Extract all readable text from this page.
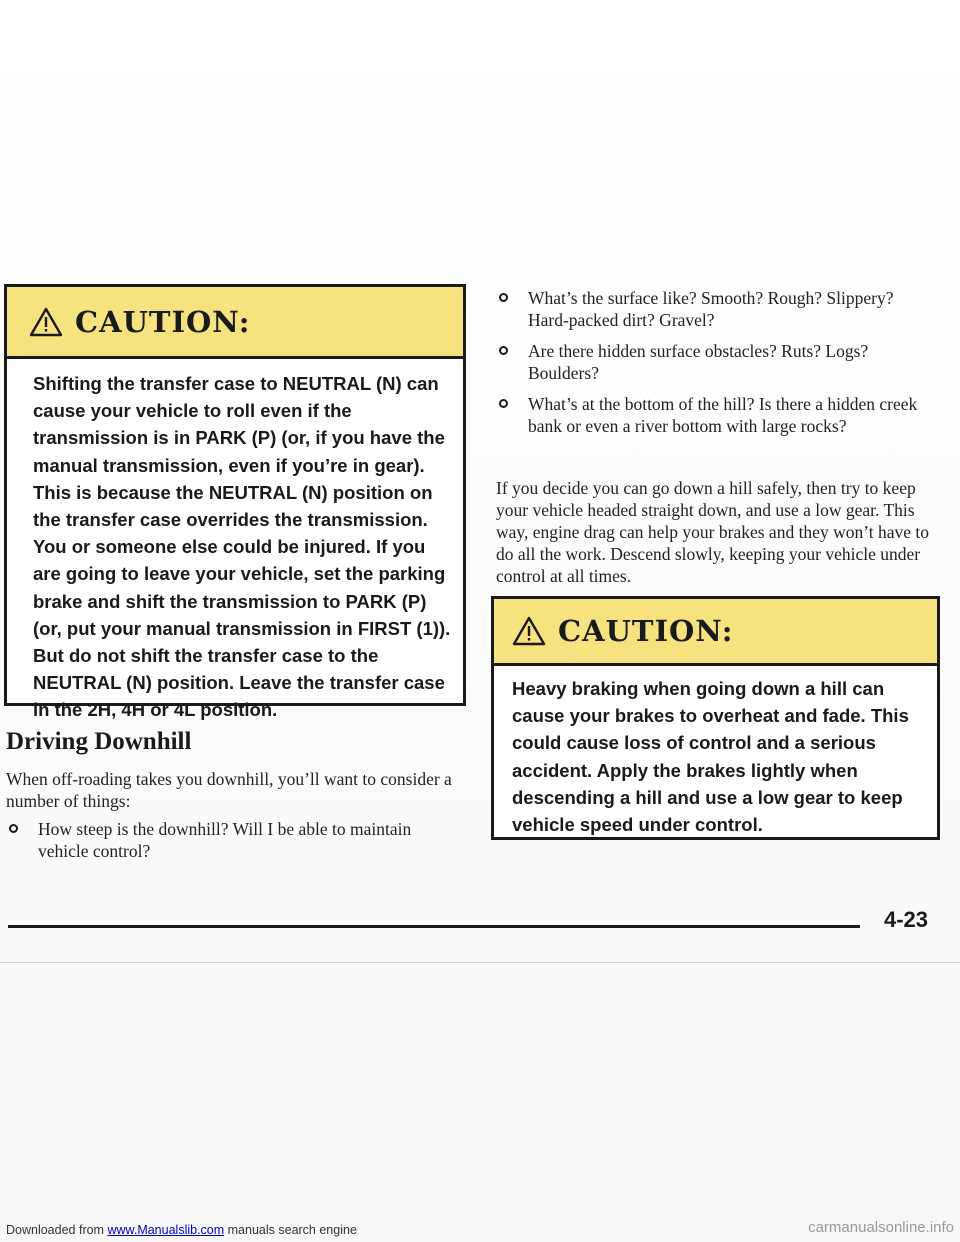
CAUTION:
Shifting the transfer case to NEUTRAL (N) can cause your vehicle to roll even if the transmission is in PARK (P) (or, if you have the manual transmission, even if you’re in gear). This is because the NEUTRAL (N) position on the transfer case overrides the transmission. You or someone else could be injured. If you are going to leave your vehicle, set the parking brake and shift the transmission to PARK (P) (or, put your manual transmission in FIRST (1)). But do not shift the transfer case to the NEUTRAL (N) position. Leave the transfer case in the 2H, 4H or 4L position.
Driving Downhill
When off-roading takes you downhill, you’ll want to consider a number of things:
How steep is the downhill? Will I be able to maintain vehicle control?
What’s the surface like? Smooth? Rough? Slippery? Hard-packed dirt? Gravel?
Are there hidden surface obstacles? Ruts? Logs? Boulders?
What’s at the bottom of the hill? Is there a hidden creek bank or even a river bottom with large rocks?
If you decide you can go down a hill safely, then try to keep your vehicle headed straight down, and use a low gear. This way, engine drag can help your brakes and they won’t have to do all the work. Descend slowly, keeping your vehicle under control at all times.
CAUTION:
Heavy braking when going down a hill can cause your brakes to overheat and fade. This could cause loss of control and a serious accident. Apply the brakes lightly when descending a hill and use a low gear to keep vehicle speed under control.
4-23
Downloaded from www.Manualslib.com manuals search engine	carmanualsonline.info
